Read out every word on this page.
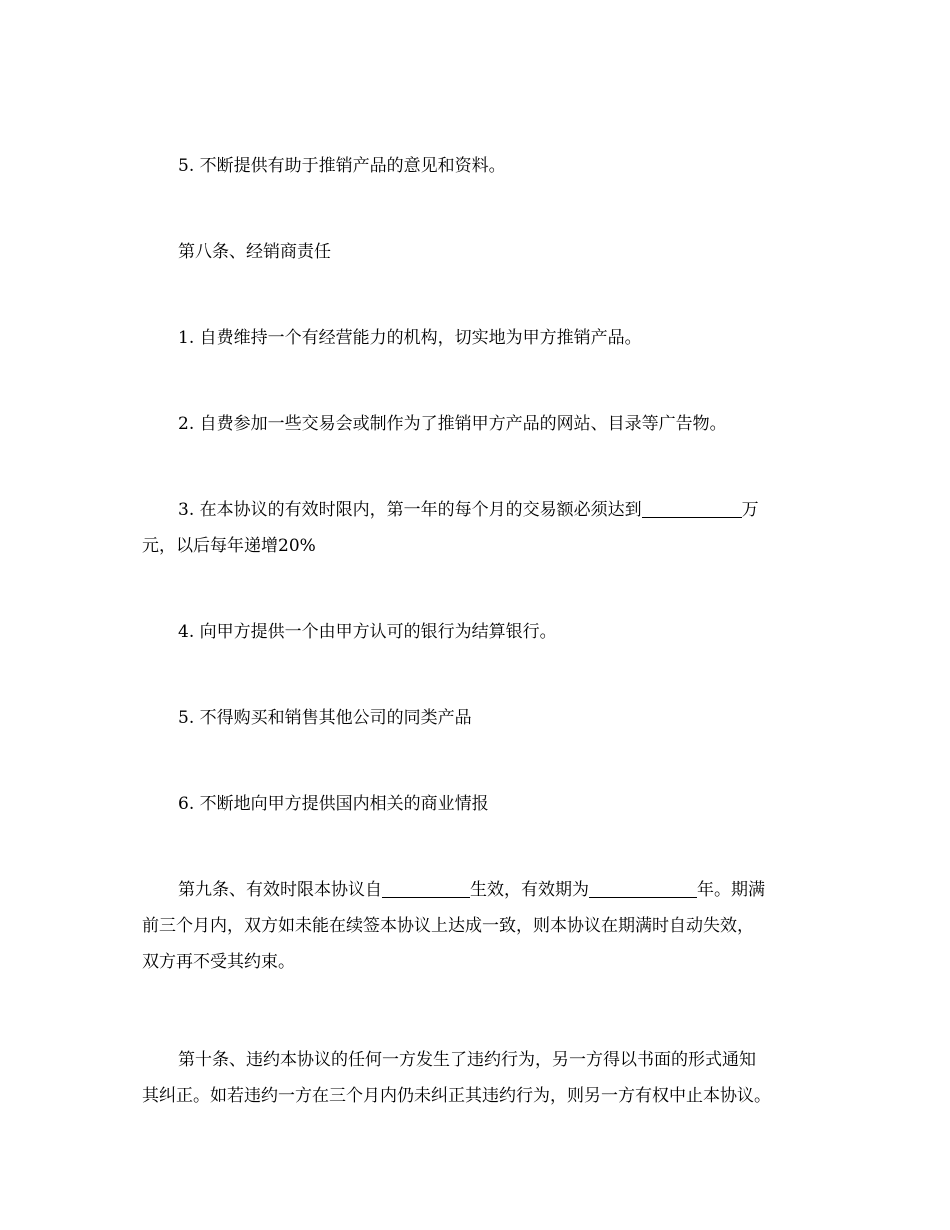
5. 不断提供有助于推销产品的意见和资料。
第八条、经销商责任
1. 自费维持一个有经营能力的机构，切实地为甲方推销产品。
2. 自费参加一些交易会或制作为了推销甲方产品的网站、目录等广告物。
3. 在本协议的有效时限内，第一年的每个月的交易额必须达到	万
元，以后每年递增20%
4. 向甲方提供一个由甲方认可的银行为结算银行。
5. 不得购买和销售其他公司的同类产品
6. 不断地向甲方提供国内相关的商业情报
第九条、有效时限本协议自	生效，有效期为	年。期满
前三个月内，双方如未能在续签本协议上达成一致，则本协议在期满时自动失效，
双方再不受其约束。
第十条、违约本协议的任何一方发生了违约行为，另一方得以书面的形式通知
其纠正。如若违约一方在三个月内仍未纠正其违约行为，则另一方有权中止本协议。
